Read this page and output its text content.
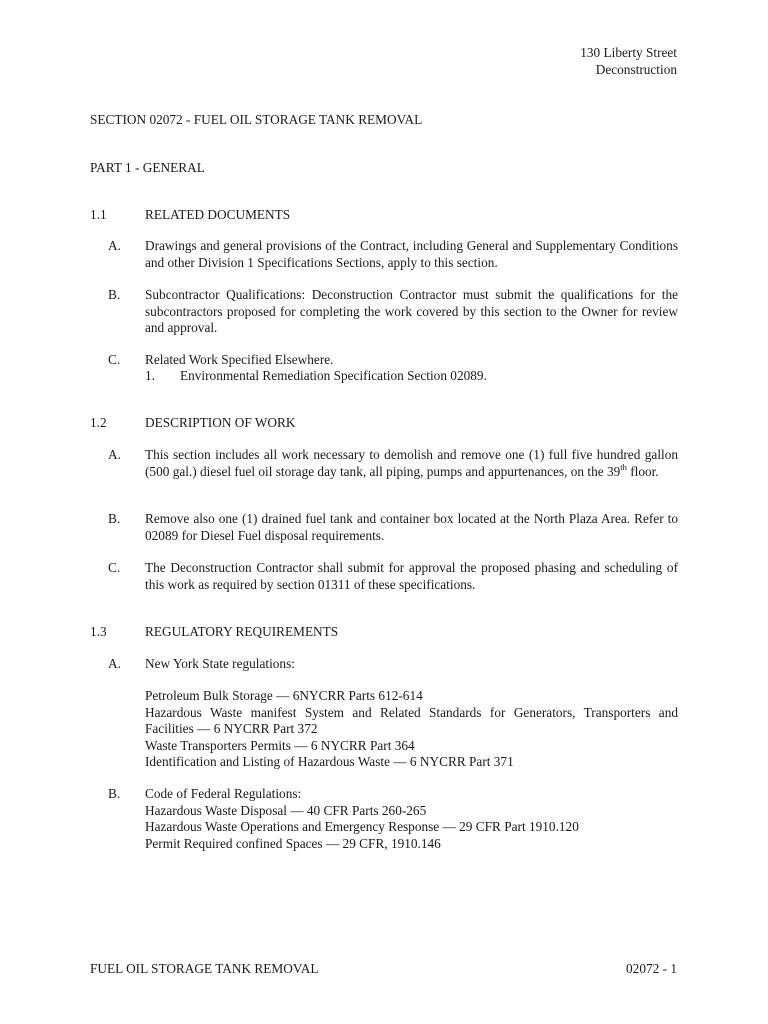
130 Liberty Street
Deconstruction
SECTION 02072 - FUEL OIL STORAGE TANK REMOVAL
PART 1 - GENERAL
1.1	RELATED DOCUMENTS
A. Drawings and general provisions of the Contract, including General and Supplementary Conditions and other Division 1 Specifications Sections, apply to this section.
B. Subcontractor Qualifications: Deconstruction Contractor must submit the qualifications for the subcontractors proposed for completing the work covered by this section to the Owner for review and approval.
C. Related Work Specified Elsewhere.
1. Environmental Remediation Specification Section 02089.
1.2	DESCRIPTION OF WORK
A. This section includes all work necessary to demolish and remove one (1) full five hundred gallon (500 gal.) diesel fuel oil storage day tank, all piping, pumps and appurtenances, on the 39th floor.
B. Remove also one (1) drained fuel tank and container box located at the North Plaza Area. Refer to 02089 for Diesel Fuel disposal requirements.
C. The Deconstruction Contractor shall submit for approval the proposed phasing and scheduling of this work as required by section 01311 of these specifications.
1.3	REGULATORY REQUIREMENTS
A. New York State regulations:
Petroleum Bulk Storage — 6NYCRR Parts 612-614
Hazardous Waste manifest System and Related Standards for Generators, Transporters and Facilities — 6 NYCRR Part 372
Waste Transporters Permits — 6 NYCRR Part 364
Identification and Listing of Hazardous Waste — 6 NYCRR Part 371
B. Code of Federal Regulations:
Hazardous Waste Disposal — 40 CFR Parts 260-265
Hazardous Waste Operations and Emergency Response — 29 CFR Part 1910.120
Permit Required confined Spaces — 29 CFR, 1910.146
FUEL OIL STORAGE TANK REMOVAL	02072 - 1
